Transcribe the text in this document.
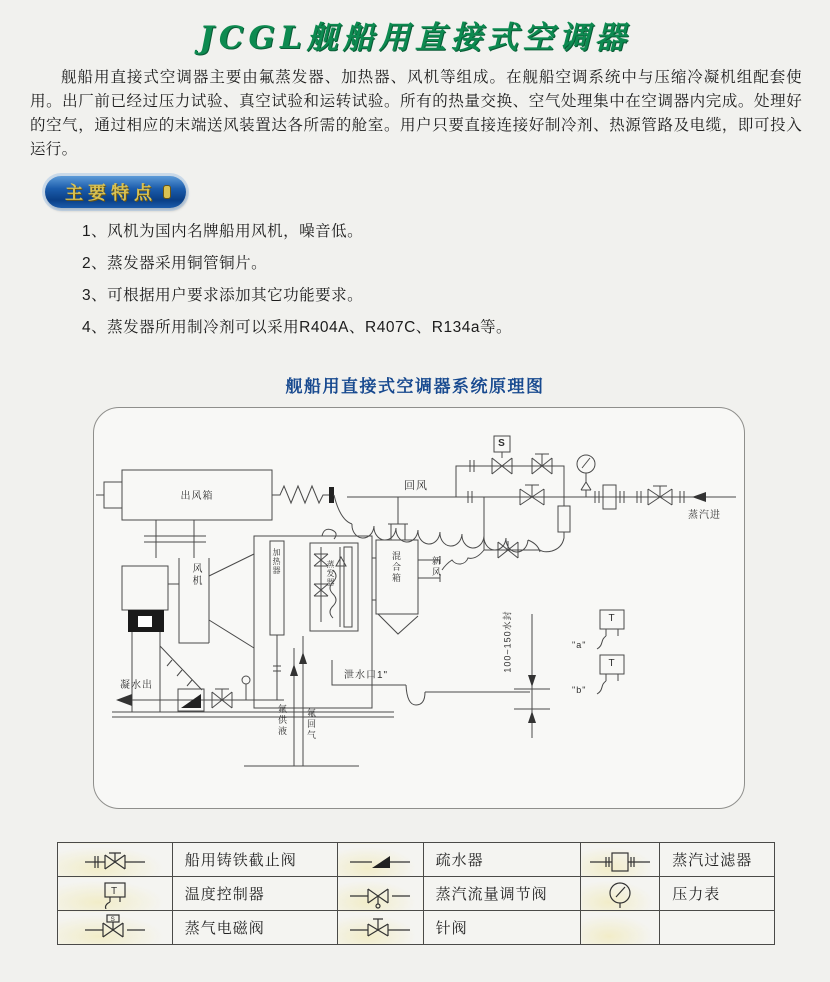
JCGL舰船用直接式空调器
舰船用直接式空调器主要由氟蒸发器、加热器、风机等组成。在舰船空调系统中与压缩冷凝机组配套使用。出厂前已经过压力试验、真空试验和运转试验。所有的热量交换、空气处理集中在空调器内完成。处理好的空气，通过相应的末端送风装置达各所需的舱室。用户只要直接连接好制冷剂、热源管路及电缆，即可投入运行。
主要特点
1、风机为国内名牌船用风机，噪音低。
2、蒸发器采用铜管铜片。
3、可根据用户要求添加其它功能要求。
4、蒸发器所用制冷剂可以采用R404A、R407C、R134a等。
舰船用直接式空调器系统原理图
出风箱
风机	加热器	蒸发器	混合箱	新风
回风
蒸汽进
凝水出
泄水口1"
100~150水封
氟供液 氟回气
S
T
T
"a"
"b"
	船用铸铁截止阀		疏水器		蒸汽过滤器

T	温度控制器		蒸汽流量调节阀		压力表

S	蒸气电磁阀		针阀		
